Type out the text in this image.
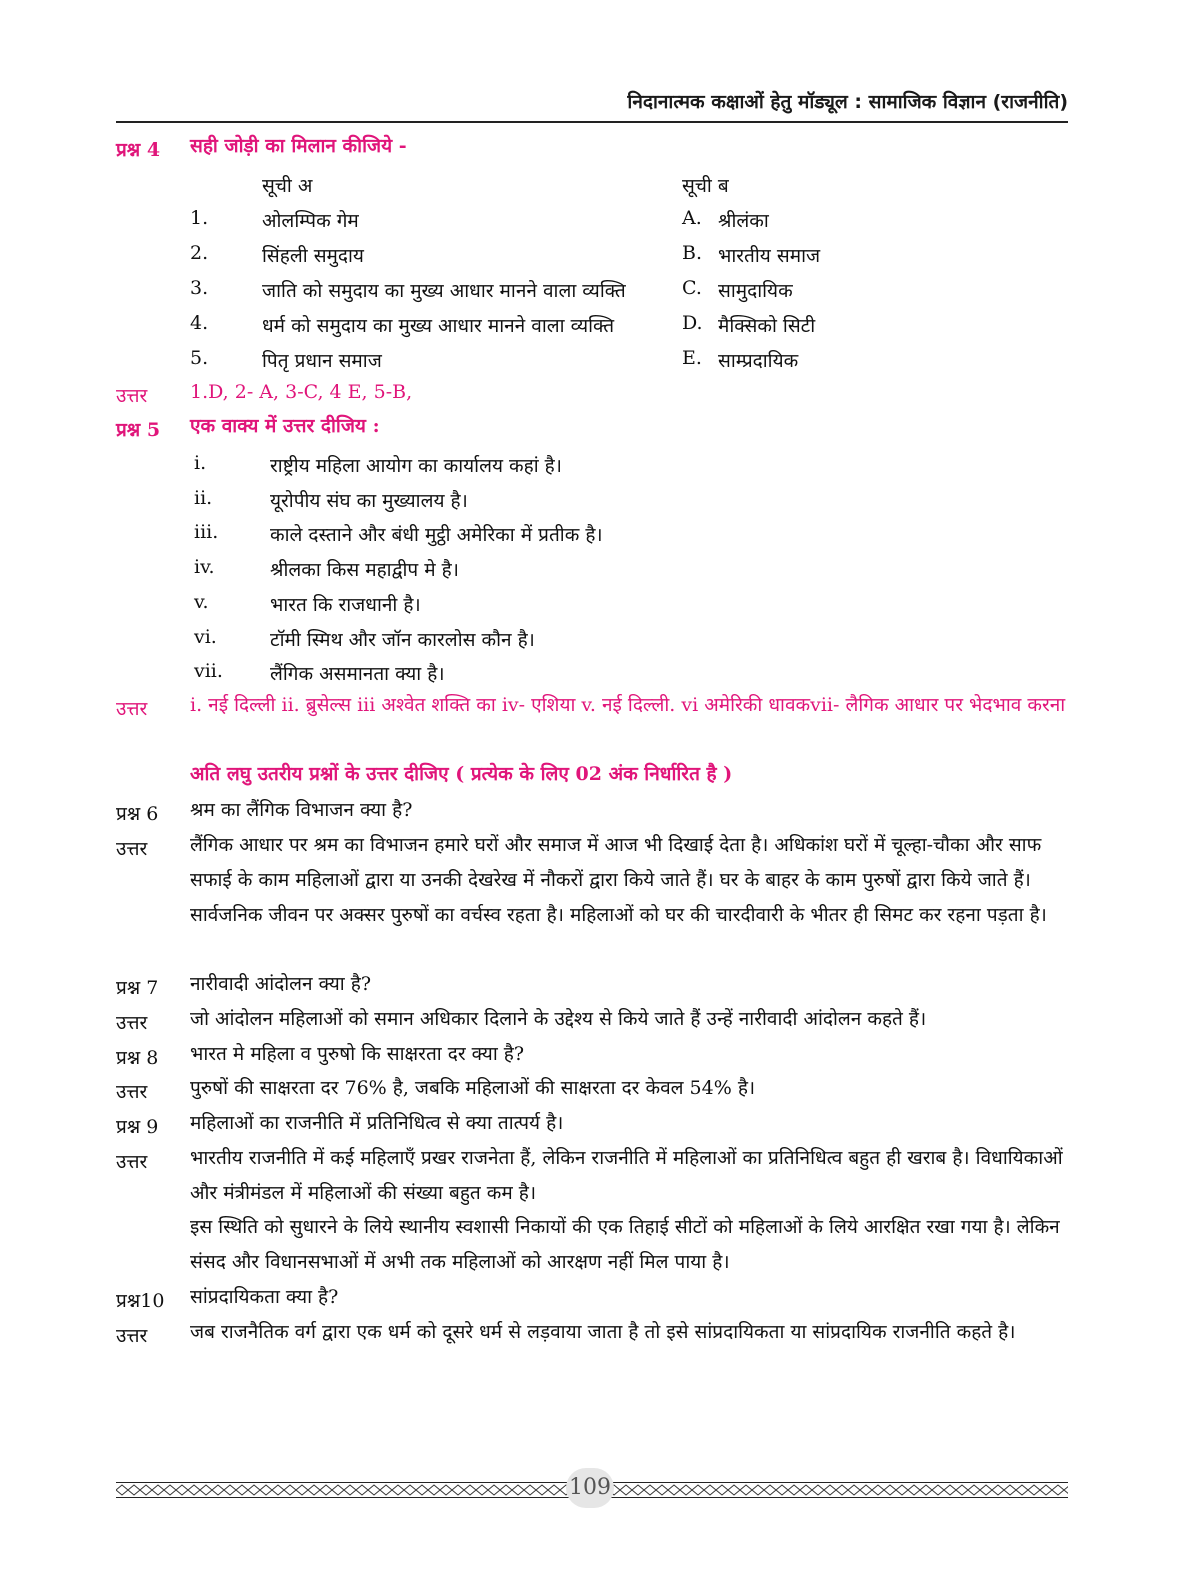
निदानात्मक कक्षाओं हेतु मॉड्यूल : सामाजिक विज्ञान (राजनीति)
प्रश्न 4 सही जोड़ी का मिलान कीजिये -
सूची अ	सूची ब
1.	ओलम्पिक गेम	A. श्रीलंका
2.	सिंहली समुदाय	B. भारतीय समाज
3.	जाति को समुदाय का मुख्य आधार मानने वाला व्यक्ति	C. सामुदायिक
4.	धर्म को समुदाय का मुख्य आधार मानने वाला व्यक्ति	D. मैक्सिको सिटी
5.	पितृ प्रधान समाज	E. साम्प्रदायिक
उत्तर 1.D, 2- A, 3-C, 4 E, 5-B,
प्रश्न 5 एक वाक्य में उत्तर दीजिय :
i.	राष्ट्रीय महिला आयोग का कार्यालय कहां है।
ii.	यूरोपीय संघ का मुख्यालय है।
iii.	काले दस्ताने और बंधी मुट्ठी अमेरिका में प्रतीक है।
iv.	श्रीलका किस महाद्वीप मे है।
v.	भारत कि राजधानी है।
vi.	टॉमी स्मिथ और जॉन कारलोस कौन है।
vii. लैंगिक असमानता क्या है।
उत्तर i. नई दिल्ली ii. ब्रुसेल्स iii अश्वेत शक्ति का iv- एशिया v. नई दिल्ली. vi अमेरिकी धावकvii- लैगिक आधार पर भेदभाव करना
अति लघु उतरीय प्रश्नों के उत्तर दीजिए ( प्रत्येक के लिए 02 अंक निर्धारित है )
प्रश्न 6 श्रम का लैंगिक विभाजन क्या है?
उत्तर लैंगिक आधार पर श्रम का विभाजन हमारे घरों और समाज में आज भी दिखाई देता है। अधिकांश घरों में चूल्हा-चौका और साफ सफाई के काम महिलाओं द्वारा या उनकी देखरेख में नौकरों द्वारा किये जाते हैं। घर के बाहर के काम पुरुषों द्वारा किये जाते हैं। सार्वजनिक जीवन पर अक्सर पुरुषों का वर्चस्व रहता है। महिलाओं को घर की चारदीवारी के भीतर ही सिमट कर रहना पड़ता है।
प्रश्न 7 नारीवादी आंदोलन क्या है?
उत्तर जो आंदोलन महिलाओं को समान अधिकार दिलाने के उद्देश्य से किये जाते हैं उन्हें नारीवादी आंदोलन कहते हैं।
प्रश्न 8 भारत मे महिला व पुरुषो कि साक्षरता दर क्या है?
उत्तर पुरुषों की साक्षरता दर 76% है, जबकि महिलाओं की साक्षरता दर केवल 54% है।
प्रश्न 9 महिलाओं का राजनीति में प्रतिनिधित्व से क्या तात्पर्य है।
उत्तर भारतीय राजनीति में कई महिलाएँ प्रखर राजनेता हैं, लेकिन राजनीति में महिलाओं का प्रतिनिधित्व बहुत ही खराब है। विधायिकाओं और मंत्रीमंडल में महिलाओं की संख्या बहुत कम है।
इस स्थिति को सुधारने के लिये स्थानीय स्वशासी निकायों की एक तिहाई सीटों को महिलाओं के लिये आरक्षित रखा गया है। लेकिन संसद और विधानसभाओं में अभी तक महिलाओं को आरक्षण नहीं मिल पाया है।
प्रश्न10 सांप्रदायिकता क्या है?
उत्तर जब राजनैतिक वर्ग द्वारा एक धर्म को दूसरे धर्म से लड़वाया जाता है तो इसे सांप्रदायिकता या सांप्रदायिक राजनीति कहते है।
109
